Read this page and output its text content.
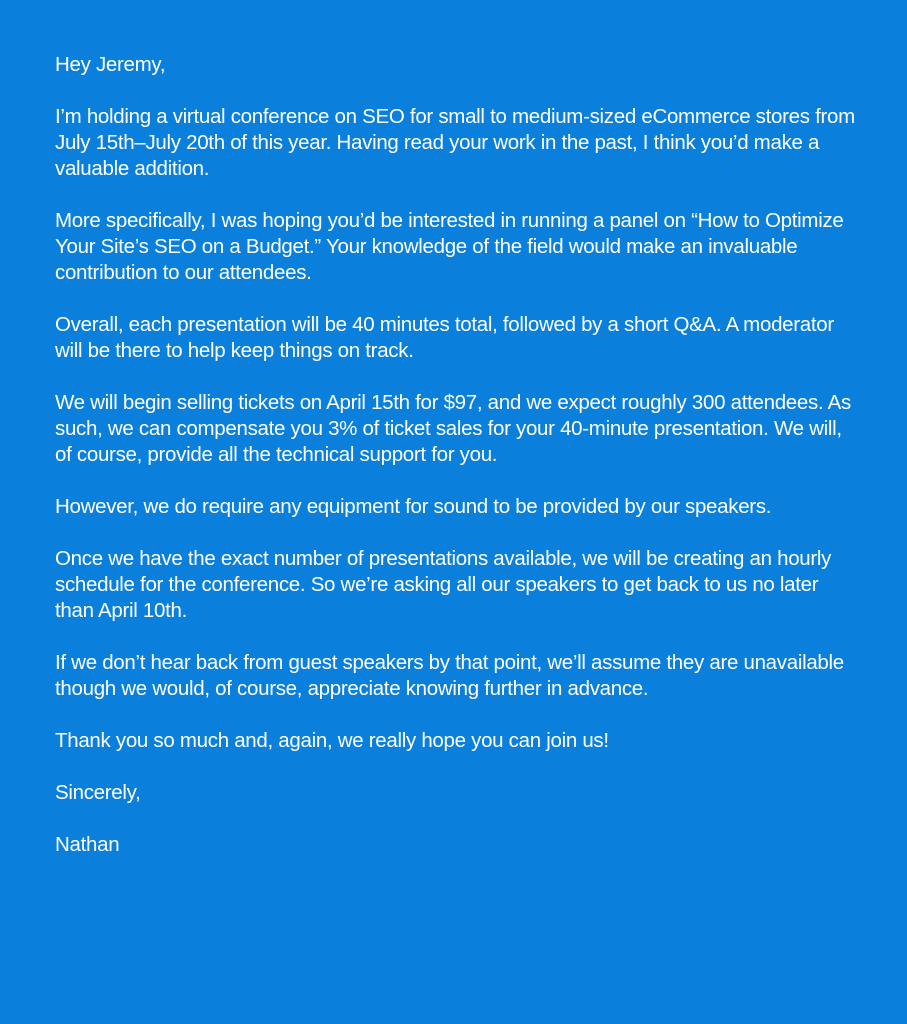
Hey Jeremy,

I’m holding a virtual conference on SEO for small to medium-sized eCommerce stores from July 15th–July 20th of this year. Having read your work in the past, I think you’d make a valuable addition.

More specifically, I was hoping you’d be interested in running a panel on “How to Optimize Your Site’s SEO on a Budget.” Your knowledge of the field would make an invaluable contribution to our attendees.

Overall, each presentation will be 40 minutes total, followed by a short Q&A. A moderator will be there to help keep things on track.

We will begin selling tickets on April 15th for $97, and we expect roughly 300 attendees. As such, we can compensate you 3% of ticket sales for your 40-minute presentation. We will, of course, provide all the technical support for you.

However, we do require any equipment for sound to be provided by our speakers.

Once we have the exact number of presentations available, we will be creating an hourly schedule for the conference. So we’re asking all our speakers to get back to us no later than April 10th.

If we don’t hear back from guest speakers by that point, we’ll assume they are unavailable though we would, of course, appreciate knowing further in advance.

Thank you so much and, again, we really hope you can join us!

Sincerely,

Nathan
